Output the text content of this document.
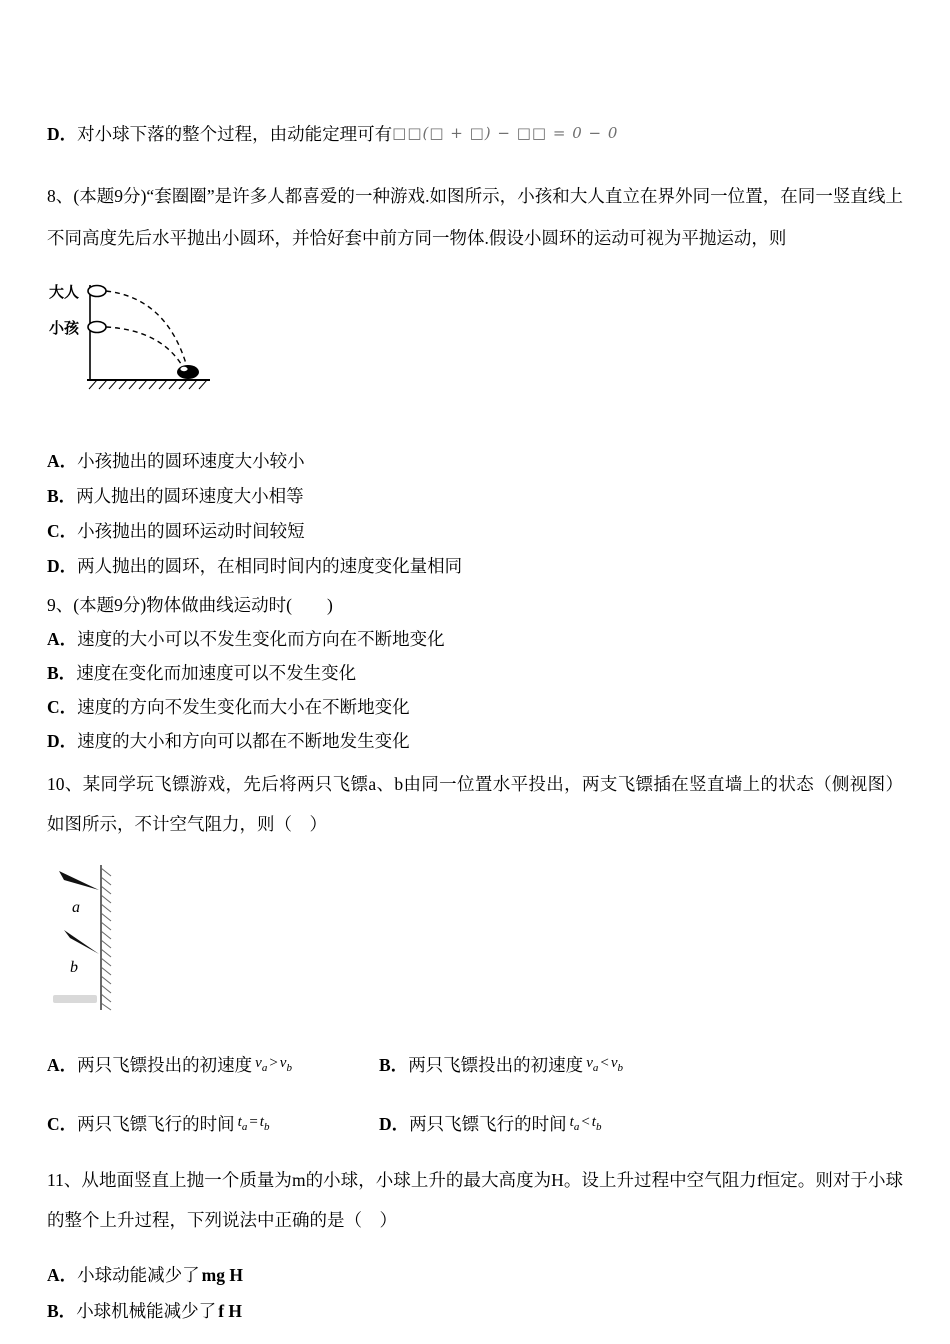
D．对小球下落的整个过程，由动能定理可有□□(□ + □) − □□ = 0 − 0

8、(本题9分)“套圈圈”是许多人都喜爱的一种游戏.如图所示，小孩和大人直立在界外同一位置，在同一竖直线上不同高度先后水平抛出小圆环，并恰好套中前方同一物体.假设小圆环的运动可视为平抛运动，则

大人
小孩

A．小孩抛出的圆环速度大小较小

B．两人抛出的圆环速度大小相等

C．小孩抛出的圆环运动时间较短

D．两人抛出的圆环，在相同时间内的速度变化量相同

9、(本题9分)物体做曲线运动时(　　)

A．速度的大小可以不发生变化而方向在不断地变化

B．速度在变化而加速度可以不发生变化

C．速度的方向不发生变化而大小在不断地变化

D．速度的大小和方向可以都在不断地发生变化

10、某同学玩飞镖游戏，先后将两只飞镖a、b由同一位置水平投出，两支飞镖插在竖直墙上的状态（侧视图）如图所示，不计空气阻力，则（　）

a
b

A．两只飞镖投出的初速度 $v_a > v_b$	B．两只飞镖投出的初速度 $v_a < v_b$

C．两只飞镖飞行的时间 $t_a = t_b$	D．两只飞镖飞行的时间 $t_a < t_b$

11、从地面竖直上抛一个质量为m的小球，小球上升的最大高度为H。设上升过程中空气阻力f恒定。则对于小球的整个上升过程，下列说法中正确的是（　）

A．小球动能减少了 mg H

B．小球机械能减少了 f H
